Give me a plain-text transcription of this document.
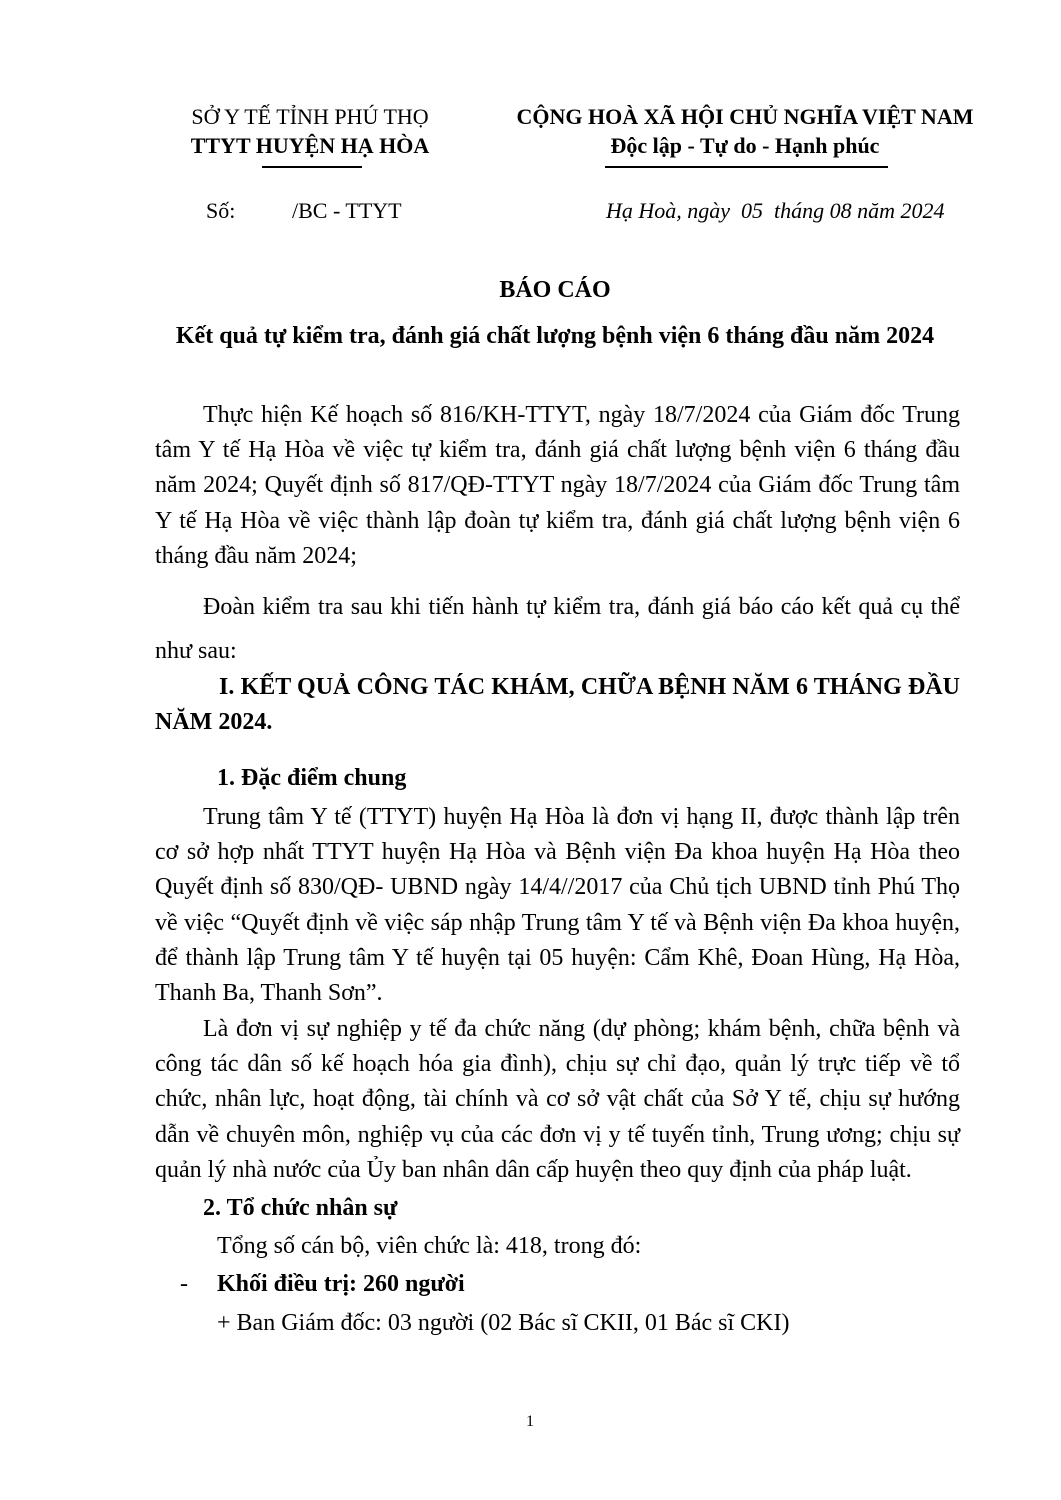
SỞ Y TẾ TỈNH PHÚ THỌ
TTYT HUYỆN HẠ HÒA
CỘNG HOÀ XÃ HỘI CHỦ NGHĨA VIỆT NAM
Độc lập - Tự do - Hạnh phúc
Số:	/BC - TTYT	Hạ Hoà, ngày  05  tháng 08 năm 2024
BÁO CÁO
Kết quả tự kiểm tra, đánh giá chất lượng bệnh viện 6 tháng đầu năm 2024

Thực hiện Kế hoạch số 816/KH-TTYT, ngày 18/7/2024 của Giám đốc Trung tâm Y tế Hạ Hòa về việc tự kiểm tra, đánh giá chất lượng bệnh viện 6 tháng đầu năm 2024; Quyết định số 817/QĐ-TTYT ngày 18/7/2024 của Giám đốc Trung tâm Y tế Hạ Hòa về việc thành lập đoàn tự kiểm tra, đánh giá chất lượng bệnh viện 6 tháng đầu năm 2024;

Đoàn kiểm tra sau khi tiến hành tự kiểm tra, đánh giá báo cáo kết quả cụ thể như sau:

I. KẾT QUẢ CÔNG TÁC KHÁM, CHỮA BỆNH NĂM 6 THÁNG ĐẦU NĂM 2024.

1. Đặc điểm chung

Trung tâm Y tế (TTYT) huyện Hạ Hòa là đơn vị hạng II, được thành lập trên cơ sở hợp nhất TTYT huyện Hạ Hòa và Bệnh viện Đa khoa huyện Hạ Hòa theo Quyết định số 830/QĐ- UBND ngày 14/4//2017 của Chủ tịch UBND tỉnh Phú Thọ về việc “Quyết định về việc sáp nhập Trung tâm Y tế và Bệnh viện Đa khoa huyện, để thành lập Trung tâm Y tế huyện tại 05 huyện: Cẩm Khê, Đoan Hùng, Hạ Hòa, Thanh Ba, Thanh Sơn”.

Là đơn vị sự nghiệp y tế đa chức năng (dự phòng; khám bệnh, chữa bệnh và công tác dân số kế hoạch hóa gia đình), chịu sự chỉ đạo, quản lý trực tiếp về tổ chức, nhân lực, hoạt động, tài chính và cơ sở vật chất của Sở Y tế, chịu sự hướng dẫn về chuyên môn, nghiệp vụ của các đơn vị y tế tuyến tỉnh, Trung ương; chịu sự quản lý nhà nước của Ủy ban nhân dân cấp huyện theo quy định của pháp luật.

2. Tổ chức nhân sự
Tổng số cán bộ, viên chức là: 418, trong đó:
- Khối điều trị: 260 người
+ Ban Giám đốc: 03 người (02 Bác sĩ CKII, 01 Bác sĩ CKI)
1
